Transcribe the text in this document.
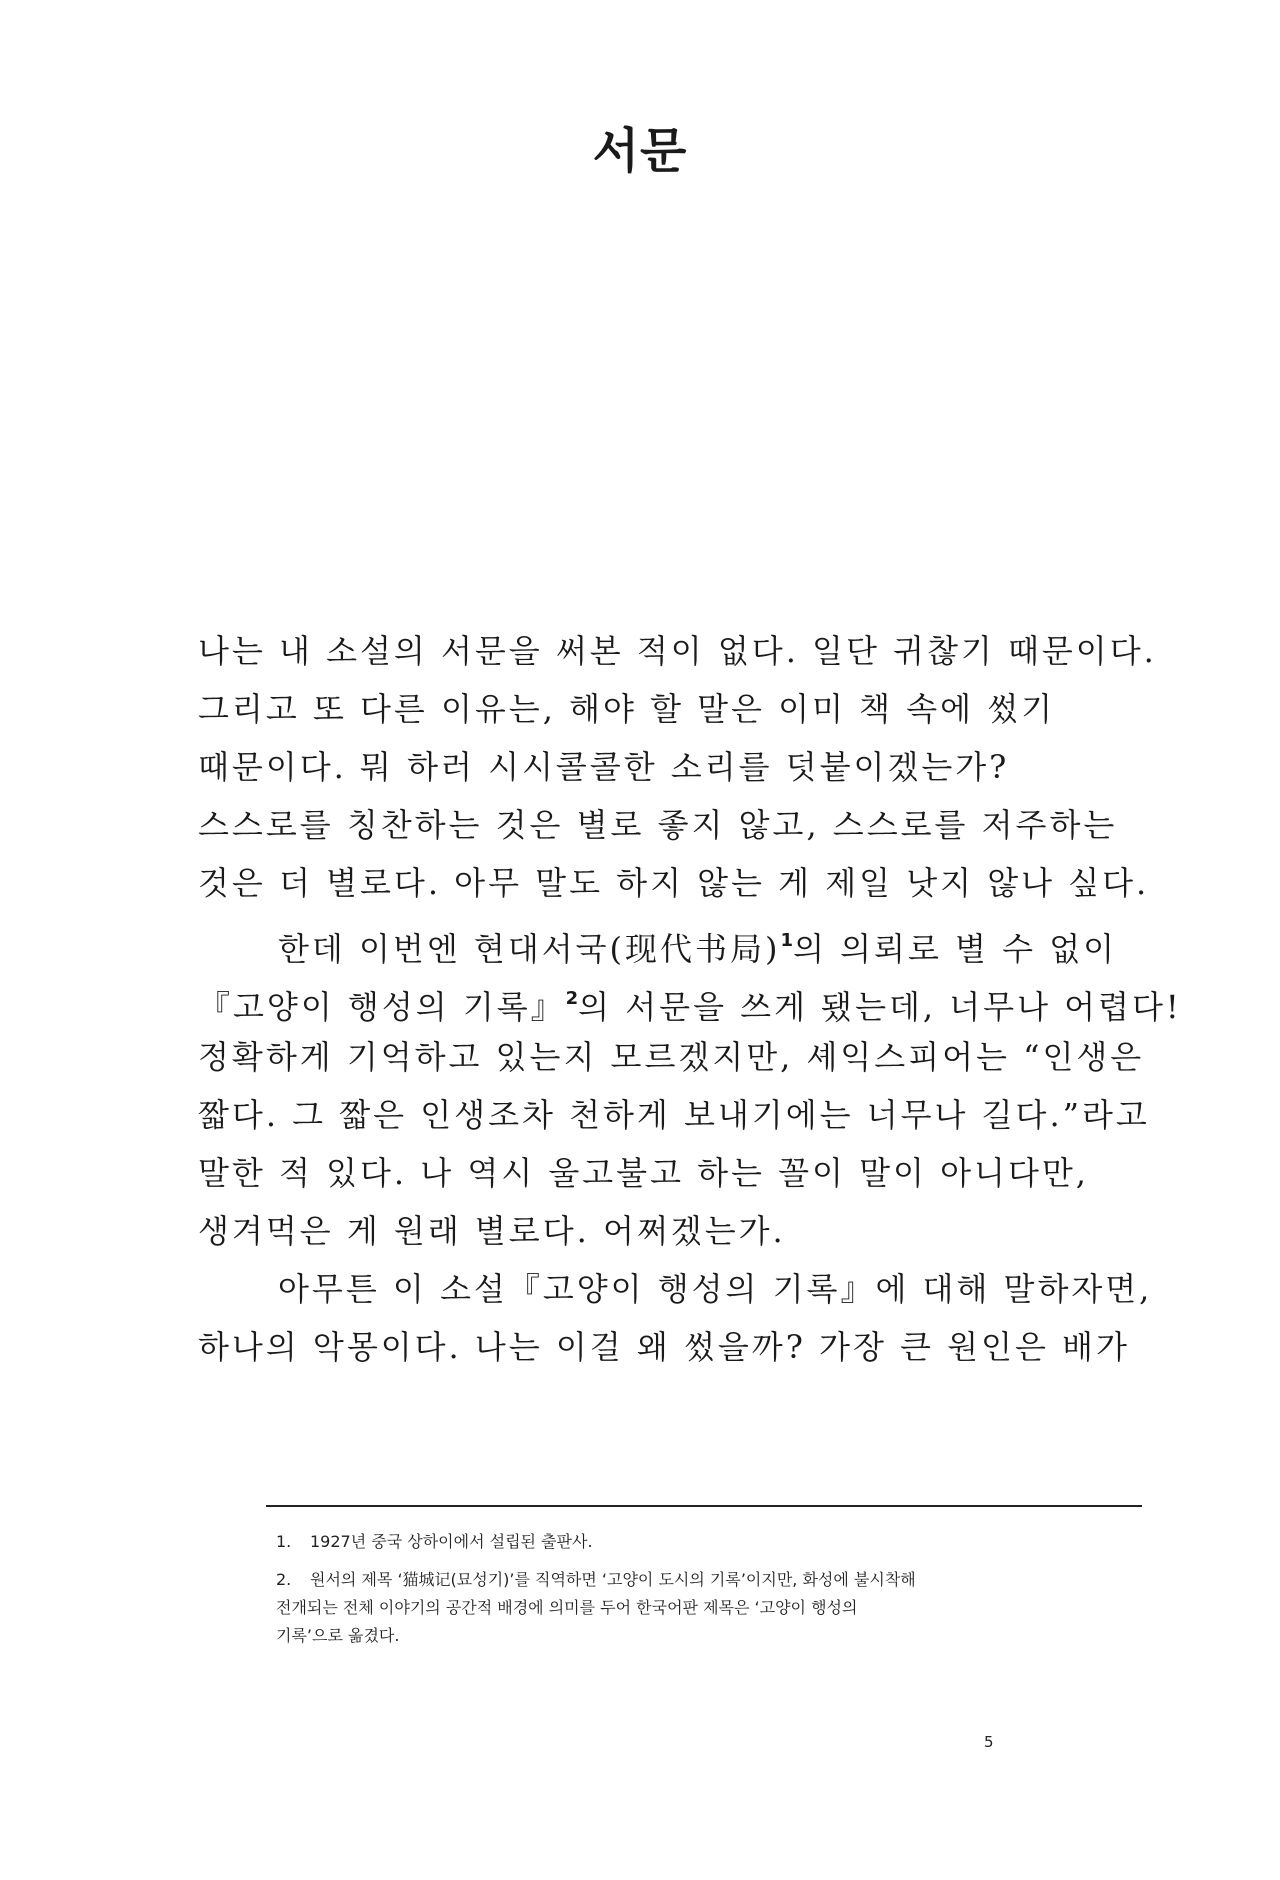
서문
나는 내 소설의 서문을 써본 적이 없다. 일단 귀찮기 때문이다.
그리고 또 다른 이유는, 해야 할 말은 이미 책 속에 썼기
때문이다. 뭐 하러 시시콜콜한 소리를 덧붙이겠는가?
스스로를 칭찬하는 것은 별로 좋지 않고, 스스로를 저주하는
것은 더 별로다. 아무 말도 하지 않는 게 제일 낫지 않나 싶다.
한데 이번엔 현대서국(现代书局)$^1$의 의뢰로 별 수 없이
『고양이 행성의 기록』$^2$의 서문을 쓰게 됐는데, 너무나 어렵다!
정확하게 기억하고 있는지 모르겠지만, 셰익스피어는 “인생은
짧다. 그 짧은 인생조차 천하게 보내기에는 너무나 길다.”라고
말한 적 있다. 나 역시 울고불고 하는 꼴이 말이 아니다만,
생겨먹은 게 원래 별로다. 어쩌겠는가.
아무튼 이 소설『고양이 행성의 기록』에 대해 말하자면,
하나의 악몽이다. 나는 이걸 왜 썼을까? 가장 큰 원인은 배가
1. 1927년 중국 상하이에서 설립된 출판사.
2. 원서의 제목 ‘猫城记(묘성기)’를 직역하면 ‘고양이 도시의 기록’이지만, 화성에 불시착해
전개되는 전체 이야기의 공간적 배경에 의미를 두어 한국어판 제목은 ‘고양이 행성의
기록’으로 옮겼다.
5
